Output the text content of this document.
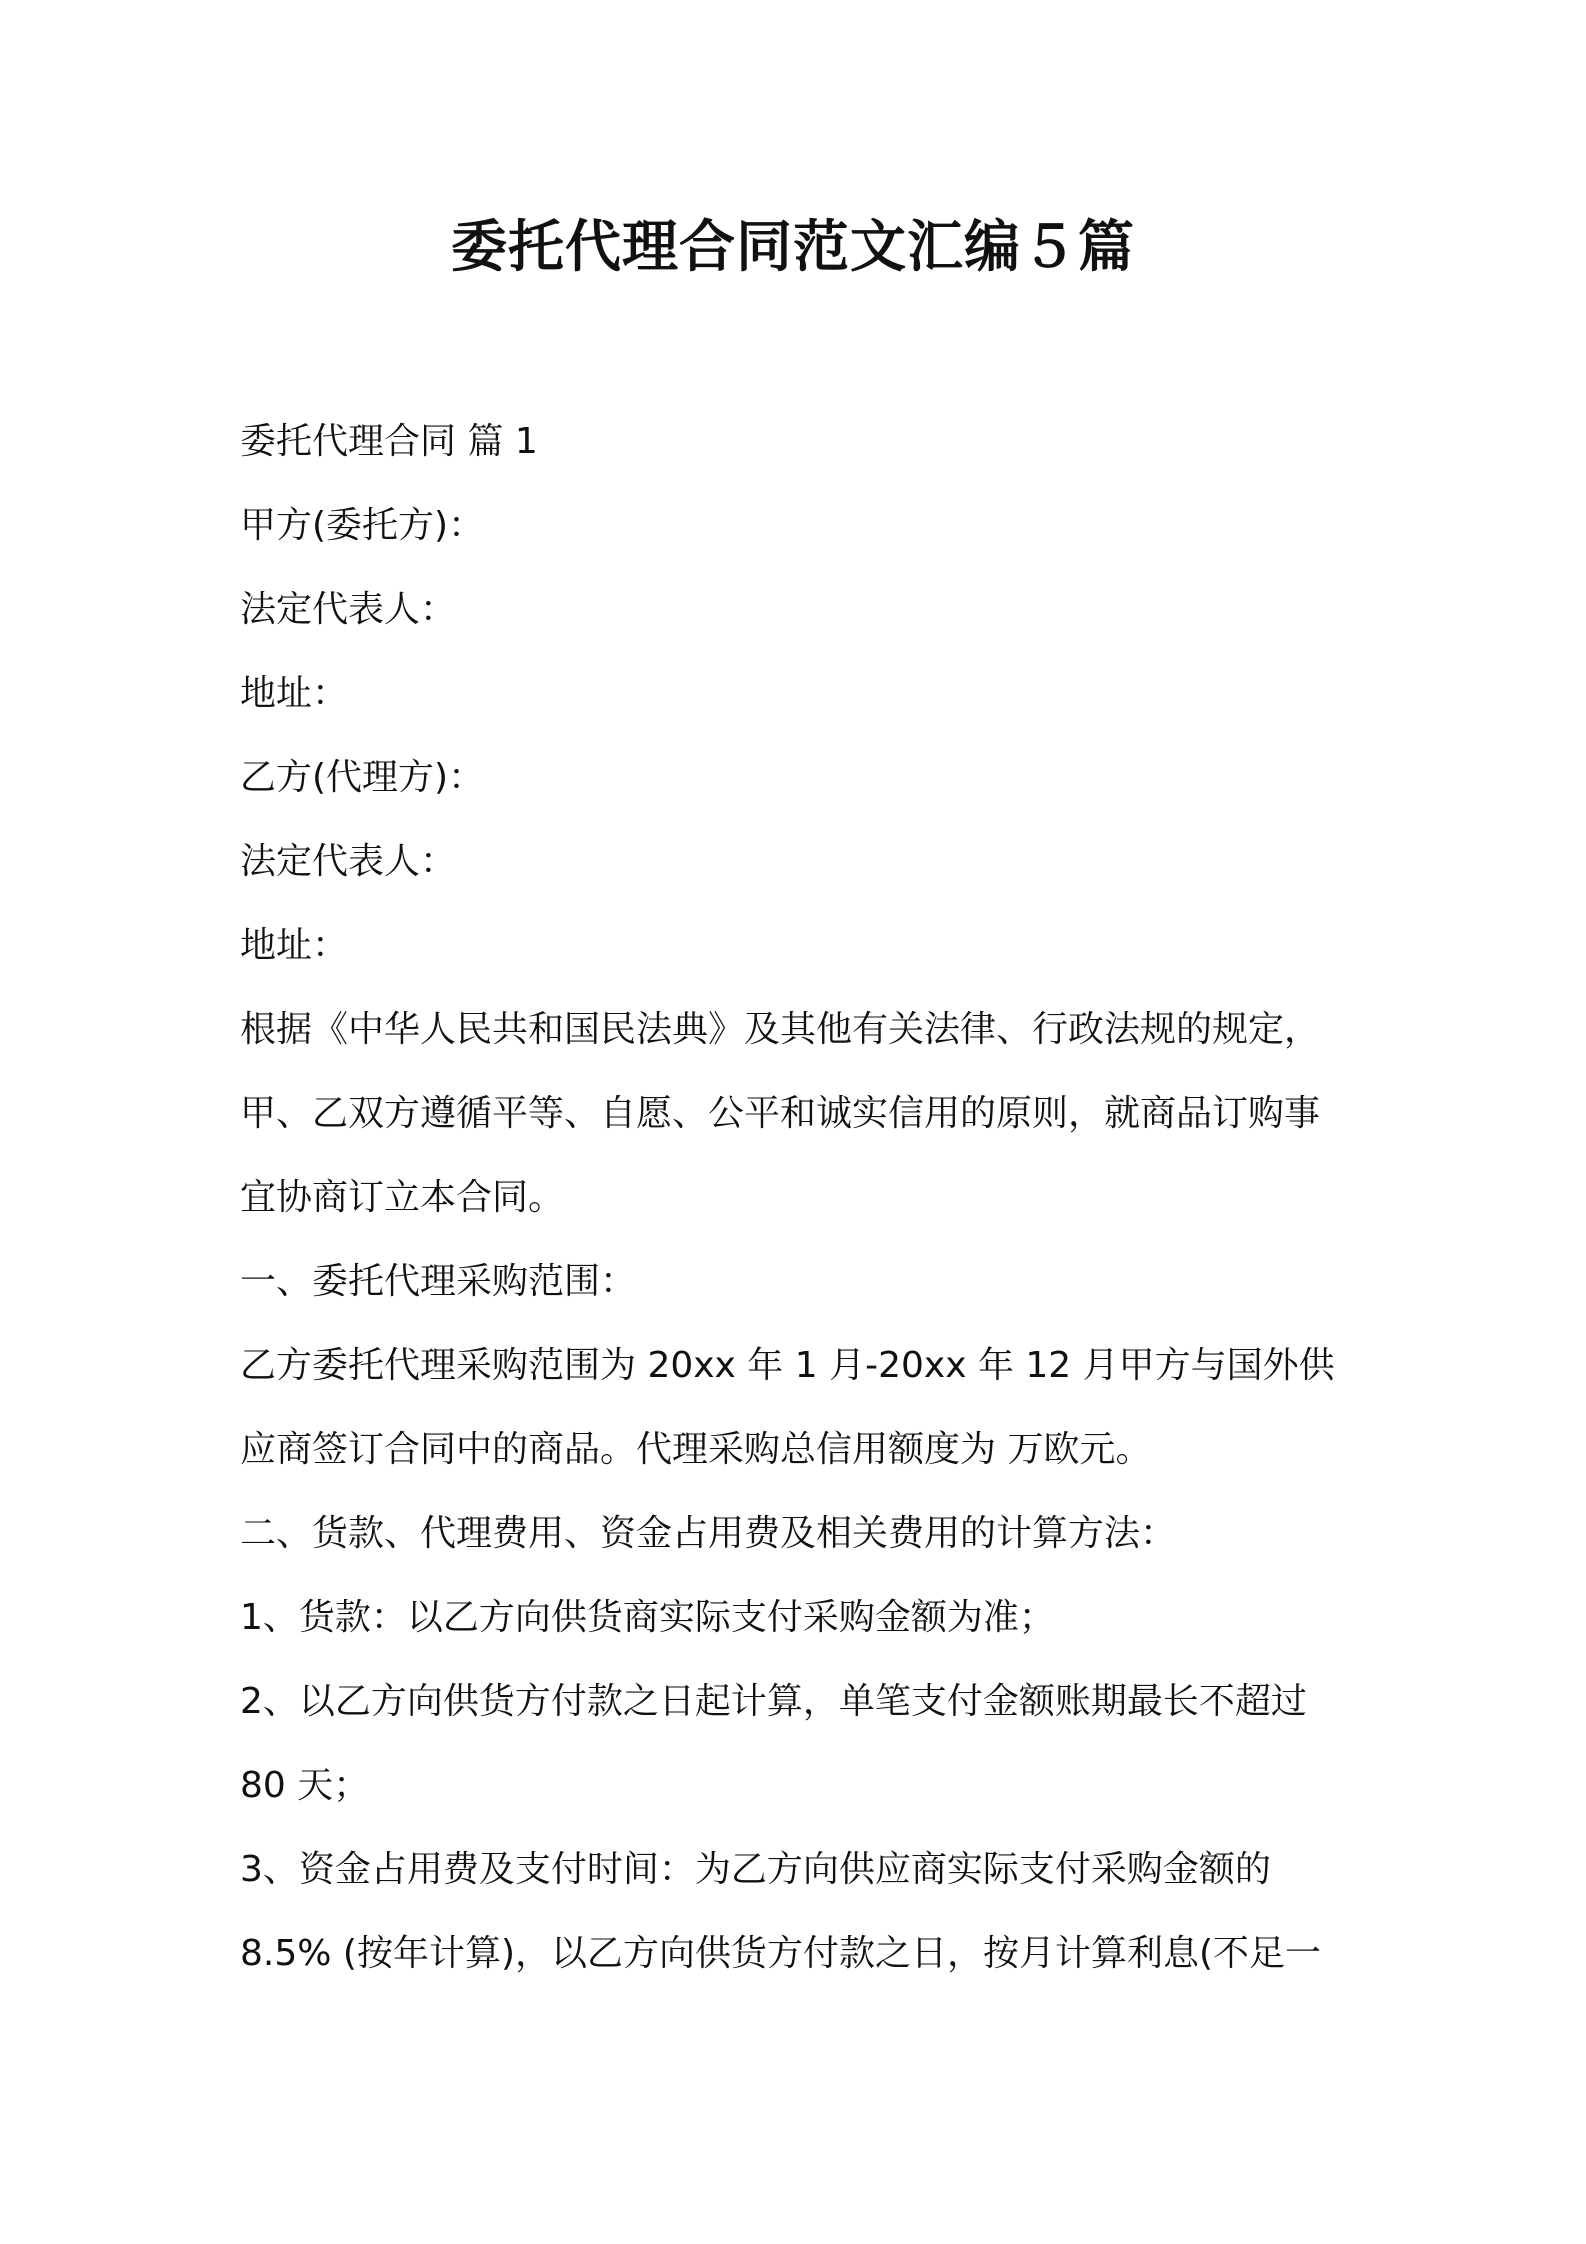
委托代理合同范文汇编５篇

委托代理合同 篇 1

甲方(委托方)：

法定代表人：

地址：

乙方(代理方)：

法定代表人：

地址：

根据《中华人民共和国民法典》及其他有关法律、行政法规的规定，

甲、乙双方遵循平等、自愿、公平和诚实信用的原则，就商品订购事

宜协商订立本合同。

一、委托代理采购范围：

乙方委托代理采购范围为 20xx 年 1 月-20xx 年 12 月甲方与国外供

应商签订合同中的商品。代理采购总信用额度为 万欧元。

二、货款、代理费用、资金占用费及相关费用的计算方法：

1、货款：以乙方向供货商实际支付采购金额为准；

2、以乙方向供货方付款之日起计算，单笔支付金额账期最长不超过

80 天；

3、资金占用费及支付时间：为乙方向供应商实际支付采购金额的

8.5% (按年计算)，以乙方向供货方付款之日，按月计算利息(不足一
